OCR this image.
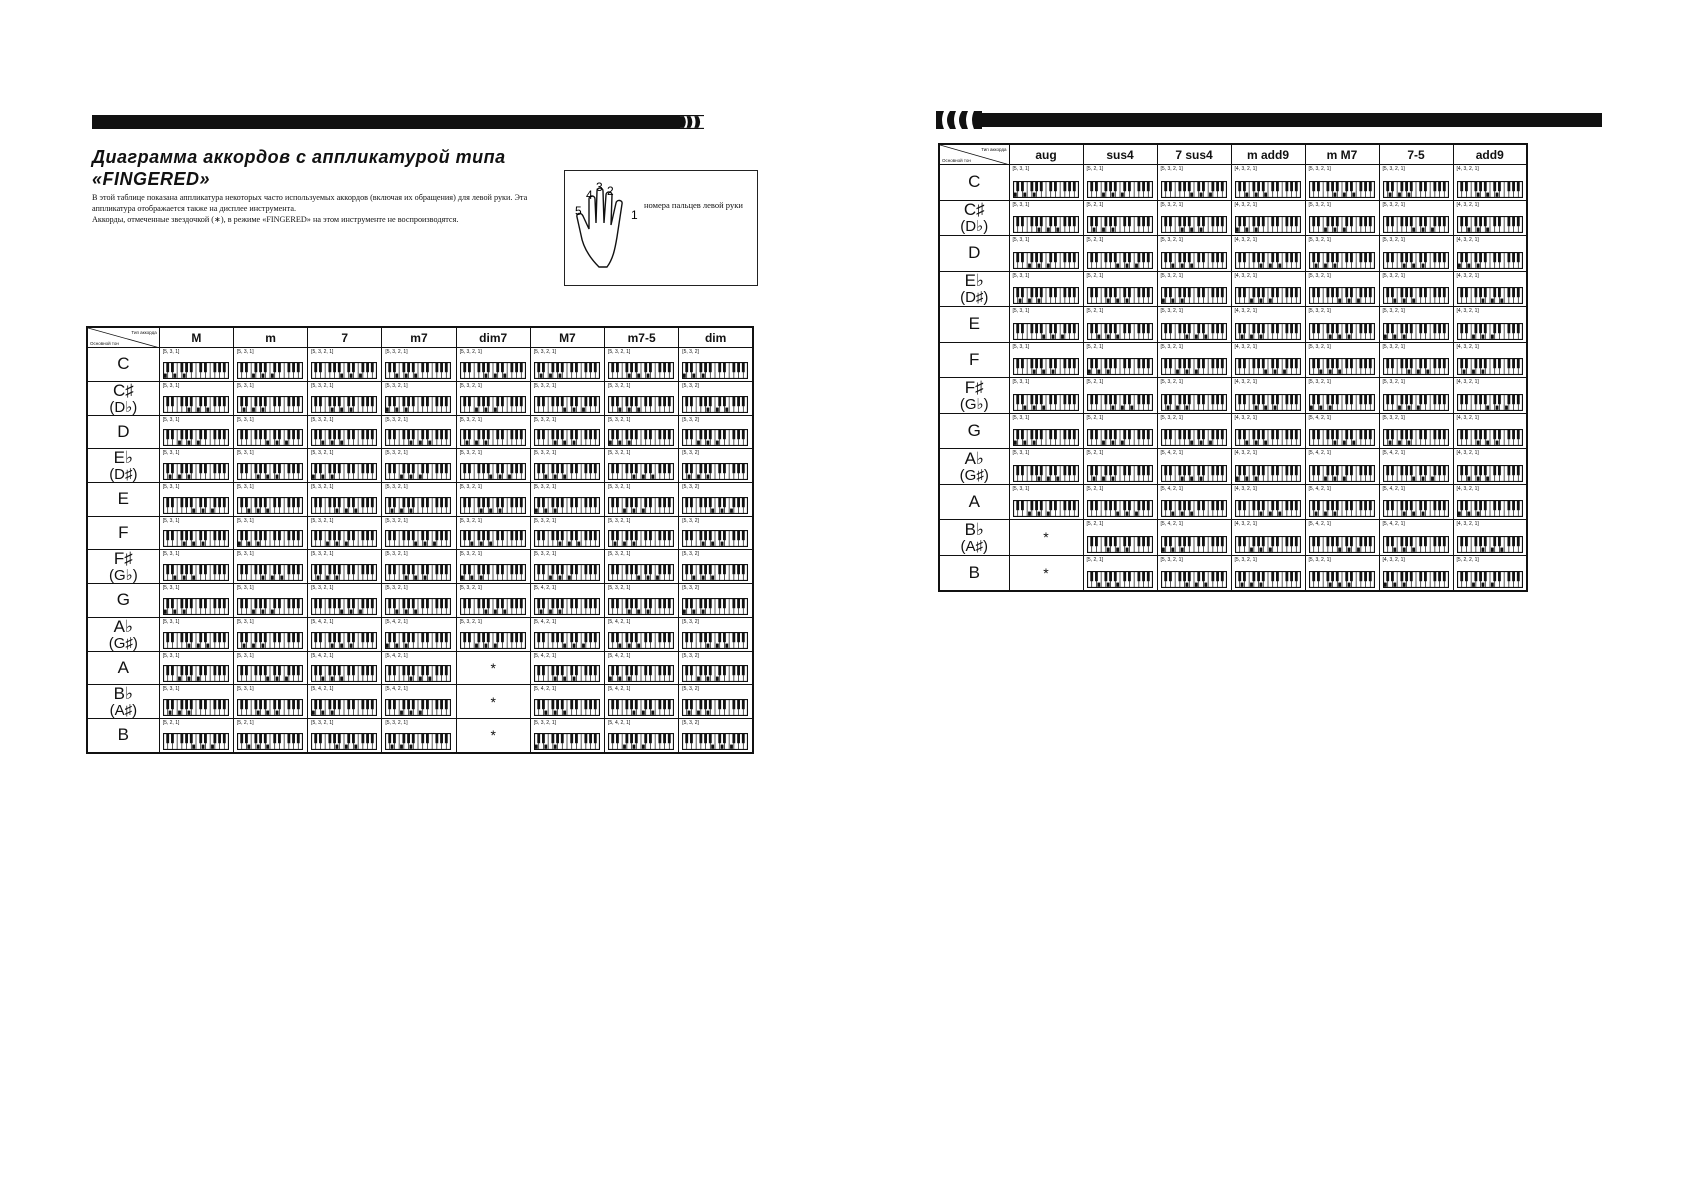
Диаграмма аккордов с аппликатурой типа
«FINGERED»

В этой таблице показана аппликатура некоторых часто используемых аккордов (включая их обращения) для левой руки. Эта аппликатура отображается также на дисплее инструмента.

Аккорды, отмеченные звездочкой (∗), в режиме «FINGERED» на этом инструменте не воспроизводятся.

5
4
3 2
1
номера пальцев левой руки
Тип аккорда
Основной тон	M	m	7	m7	dim7	M7	m7-5	dim
C	[5, 3, 1]	[5, 3, 1]	[5, 3, 2, 1]	[5, 3, 2, 1]	[5, 3, 2, 1]	[5, 3, 2, 1]	[5, 3, 2, 1]	[5, 3, 2]

C♯
(D♭)	[5, 3, 1]	[5, 3, 1]	[5, 3, 2, 1]	[5, 3, 2, 1]	[5, 3, 2, 1]	[5, 3, 2, 1]	[5, 3, 2, 1]	[5, 3, 2]

D	[5, 3, 1]	[5, 3, 1]	[5, 3, 2, 1]	[5, 3, 2, 1]	[5, 3, 2, 1]	[5, 3, 2, 1]	[5, 3, 2, 1]	[5, 3, 2]

E♭
(D♯)	[5, 3, 1]	[5, 3, 1]	[5, 3, 2, 1]	[5, 3, 2, 1]	[5, 3, 2, 1]	[5, 3, 2, 1]	[5, 3, 2, 1]	[5, 3, 2]

E	[5, 3, 1]	[5, 3, 1]	[5, 3, 2, 1]	[5, 3, 2, 1]	[5, 3, 2, 1]	[5, 3, 2, 1]	[5, 3, 2, 1]	[5, 3, 2]

F	[5, 3, 1]	[5, 3, 1]	[5, 3, 2, 1]	[5, 3, 2, 1]	[5, 3, 2, 1]	[5, 3, 2, 1]	[5, 3, 2, 1]	[5, 3, 2]

F♯
(G♭)	[5, 3, 1]	[5, 3, 1]	[5, 3, 2, 1]	[5, 3, 2, 1]	[5, 3, 2, 1]	[5, 3, 2, 1]	[5, 3, 2, 1]	[5, 3, 2]

G	[5, 3, 1]	[5, 3, 1]	[5, 3, 2, 1]	[5, 3, 2, 1]	[5, 3, 2, 1]	[5, 4, 2, 1]	[5, 3, 2, 1]	[5, 3, 2]

A♭
(G♯)	[5, 3, 1]	[5, 3, 1]	[5, 4, 2, 1]	[5, 4, 2, 1]	[5, 3, 2, 1]	[5, 4, 2, 1]	[5, 4, 2, 1]	[5, 3, 2]

A	[5, 3, 1]	[5, 3, 1]	[5, 4, 2, 1]	[5, 4, 2, 1]	*	[5, 4, 2, 1]	[5, 4, 2, 1]	[5, 3, 2]

B♭
(A♯)	[5, 3, 1]	[5, 3, 1]	[5, 4, 2, 1]	[5, 4, 2, 1]	*	[5, 4, 2, 1]	[5, 4, 2, 1]	[5, 3, 2]

B	[5, 2, 1]	[5, 2, 1]	[5, 3, 2, 1]	[5, 3, 2, 1]	*	[5, 3, 2, 1]	[5, 4, 2, 1]	[5, 3, 2]
Тип аккорда
Основной тон	aug	sus4	7 sus4	m add9	m M7	7-5	add9
C	[5, 3, 1]	[5, 2, 1]	[5, 3, 2, 1]	[4, 3, 2, 1]	[5, 3, 2, 1]	[5, 3, 2, 1]	[4, 3, 2, 1]

C♯
(D♭)	[5, 3, 1]	[5, 2, 1]	[5, 3, 2, 1]	[4, 3, 2, 1]	[5, 3, 2, 1]	[5, 3, 2, 1]	[4, 3, 2, 1]

D	[5, 3, 1]	[5, 2, 1]	[5, 3, 2, 1]	[4, 3, 2, 1]	[5, 3, 2, 1]	[5, 3, 2, 1]	[4, 3, 2, 1]

E♭
(D♯)	[5, 3, 1]	[5, 2, 1]	[5, 3, 2, 1]	[4, 3, 2, 1]	[5, 3, 2, 1]	[5, 3, 2, 1]	[4, 3, 2, 1]

E	[5, 3, 1]	[5, 2, 1]	[5, 3, 2, 1]	[4, 3, 2, 1]	[5, 3, 2, 1]	[5, 3, 2, 1]	[4, 3, 2, 1]

F	[5, 3, 1]	[5, 2, 1]	[5, 3, 2, 1]	[4, 3, 2, 1]	[5, 3, 2, 1]	[5, 3, 2, 1]	[4, 3, 2, 1]

F♯
(G♭)	[5, 3, 1]	[5, 2, 1]	[5, 3, 2, 1]	[4, 3, 2, 1]	[5, 3, 2, 1]	[5, 3, 2, 1]	[4, 3, 2, 1]

G	[5, 3, 1]	[5, 2, 1]	[5, 3, 2, 1]	[4, 3, 2, 1]	[5, 4, 2, 1]	[5, 3, 2, 1]	[4, 3, 2, 1]

A♭
(G♯)	[5, 3, 1]	[5, 2, 1]	[5, 4, 2, 1]	[4, 3, 2, 1]	[5, 4, 2, 1]	[5, 4, 2, 1]	[4, 3, 2, 1]

A	[5, 3, 1]	[5, 2, 1]	[5, 4, 2, 1]	[4, 3, 2, 1]	[5, 4, 2, 1]	[5, 4, 2, 1]	[4, 3, 2, 1]

B♭
(A♯)	*	[5, 2, 1]	[5, 4, 2, 1]	[4, 3, 2, 1]	[5, 4, 2, 1]	[5, 4, 2, 1]	[4, 3, 2, 1]

B	*	[5, 2, 1]	[5, 3, 2, 1]	[5, 3, 2, 1]	[5, 3, 2, 1]	[4, 3, 2, 1]	[5, 2, 2, 1]
